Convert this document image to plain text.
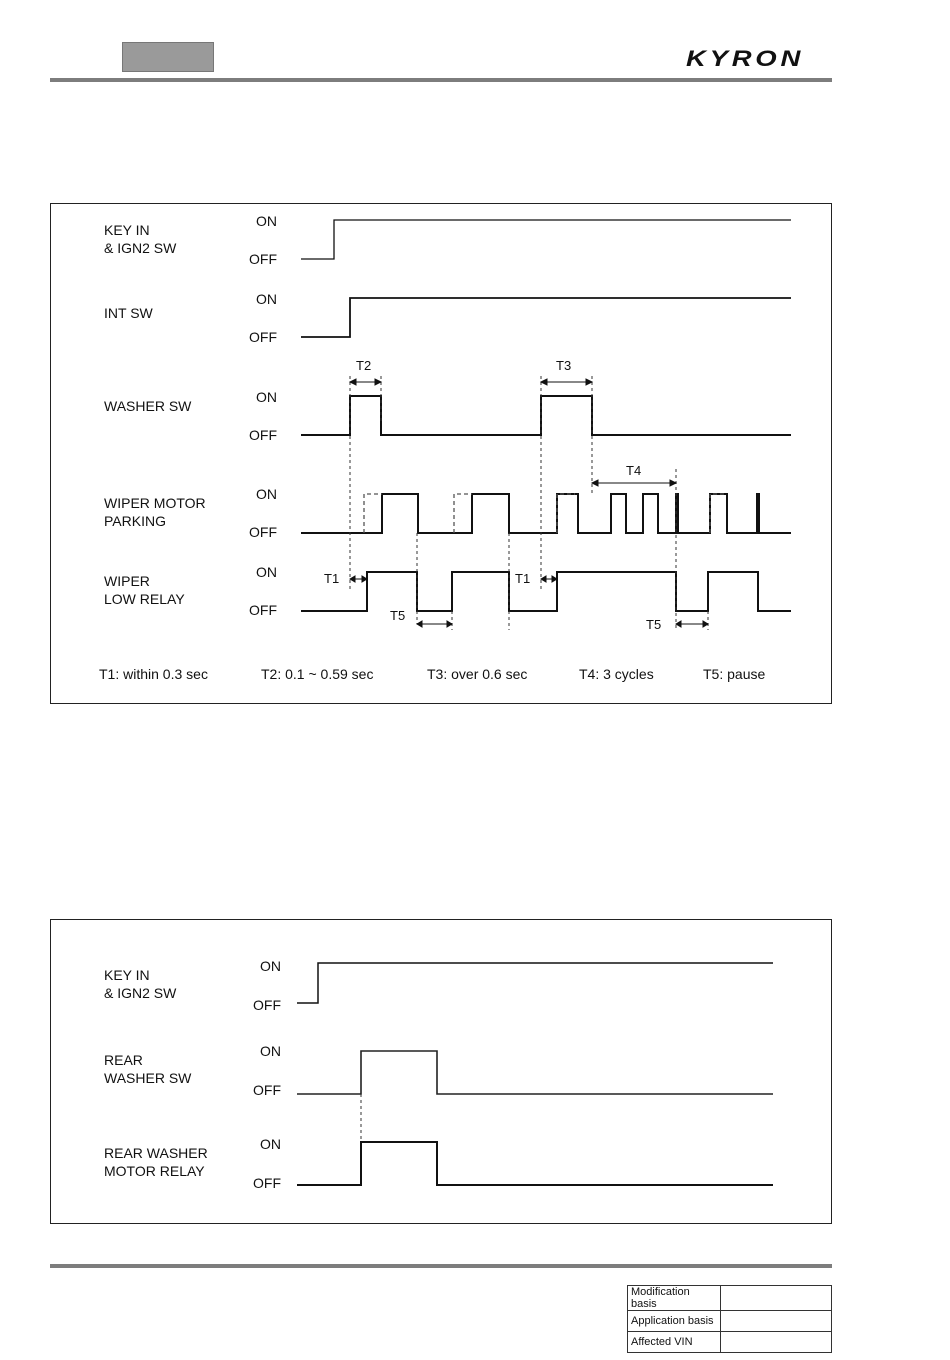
KYRON
KEY IN
& IGN2 SW
INT SW
WASHER SW
WIPER MOTOR
PARKING
WIPER
LOW RELAY
ON
OFF
ON
OFF
ON
OFF
ON
OFF
ON
OFF
T2	T3
T4
T1	T1
T5
T5
T1: within 0.3 sec	T2: 0.1 ~ 0.59 sec	T3: over 0.6 sec	T4: 3 cycles	T5: pause
KEY IN
& IGN2 SW
REAR
WASHER SW
REAR WASHER
MOTOR RELAY
ON
OFF
ON
OFF
ON
OFF
Modification basis	
Application basis	
Affected VIN	
